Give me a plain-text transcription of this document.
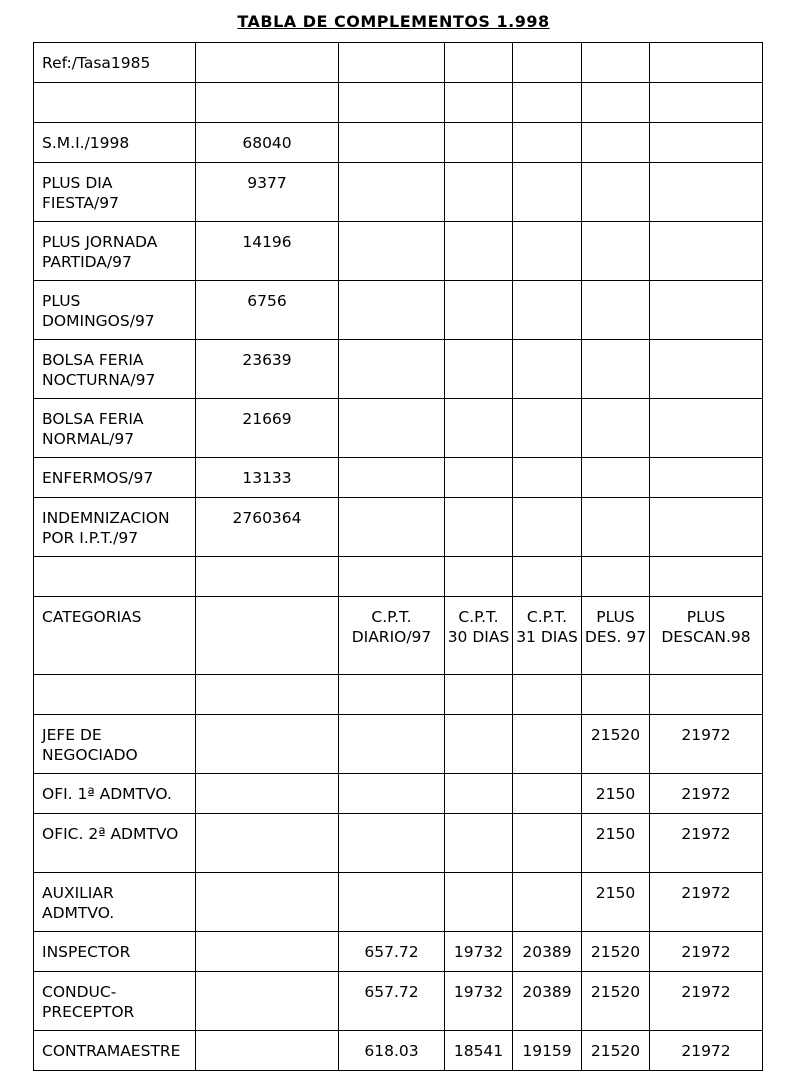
TABLA DE COMPLEMENTOS 1.998
Ref:/Tasa1985						

S.M.I./1998	68040					
PLUS DIA FIESTA/97	9377					
PLUS JORNADA PARTIDA/97	14196					
PLUS DOMINGOS/97	6756					
BOLSA FERIA NOCTURNA/97	23639					
BOLSA FERIA NORMAL/97	21669					
ENFERMOS/97	13133					
INDEMNIZACION POR I.P.T./97	2760364					

CATEGORIAS		C.P.T. DIARIO/97	C.P.T. 30 DIAS	C.P.T. 31 DIAS	PLUS DES. 97	PLUS DESCAN.98

JEFE DE NEGOCIADO					21520	21972
OFI. 1ª ADMTVO.					2150	21972
OFIC. 2ª ADMTVO					2150	21972
AUXILIAR ADMTVO.					2150	21972
INSPECTOR		657.72	19732	20389	21520	21972
CONDUC-PRECEPTOR		657.72	19732	20389	21520	21972
CONTRAMAESTRE		618.03	18541	19159	21520	21972
